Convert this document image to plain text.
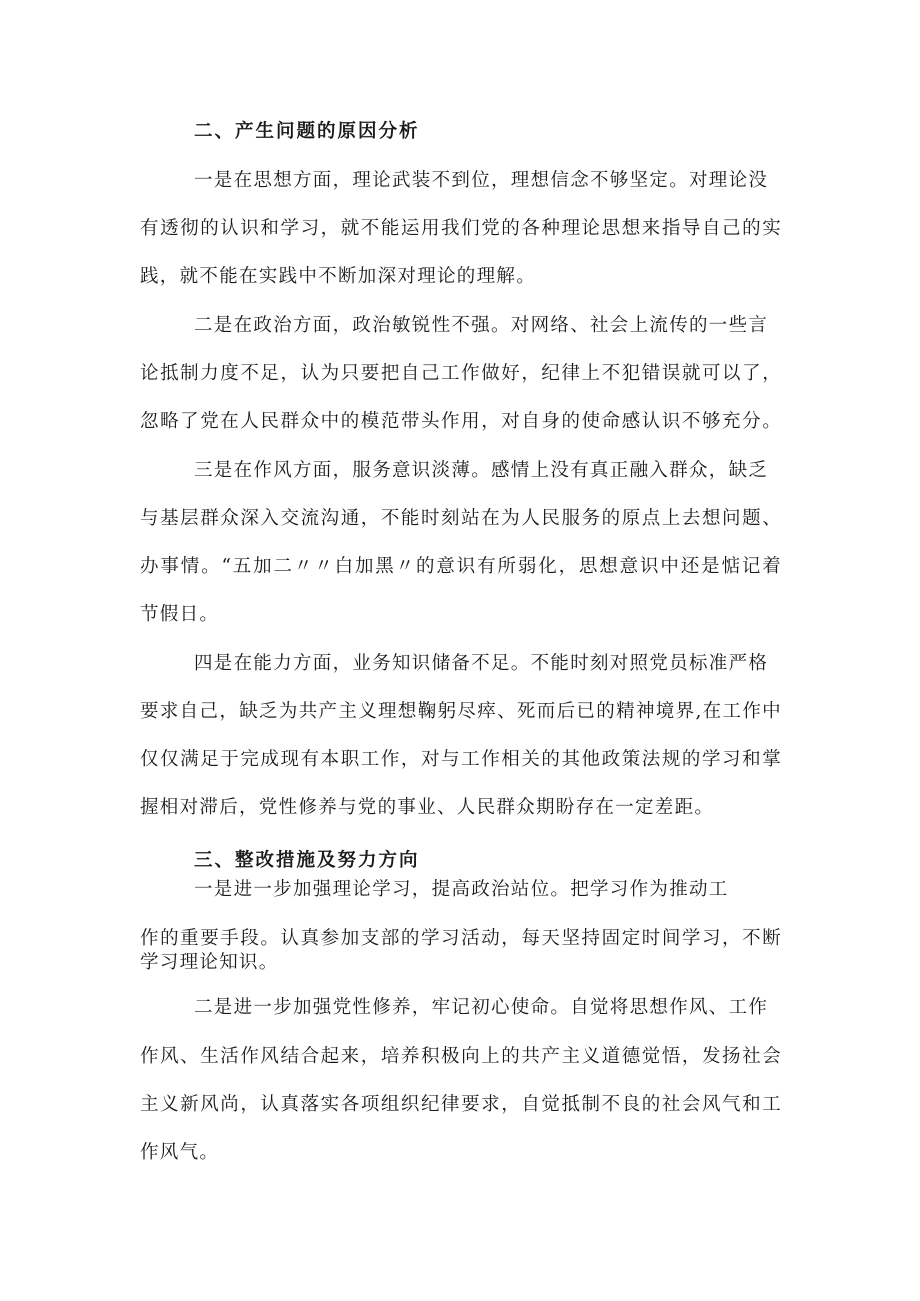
二、产生问题的原因分析
一是在思想方面，理论武装不到位，理想信念不够坚定。对理论没
有透彻的认识和学习，就不能运用我们党的各种理论思想来指导自己的实
践，就不能在实践中不断加深对理论的理解。
二是在政治方面，政治敏锐性不强。对网络、社会上流传的一些言
论抵制力度不足，认为只要把自己工作做好，纪律上不犯错误就可以了，
忽略了党在人民群众中的模范带头作用，对自身的使命感认识不够充分。
三是在作风方面，服务意识淡薄。感情上没有真正融入群众，缺乏
与基层群众深入交流沟通，不能时刻站在为人民服务的原点上去想问题、
办事情。“五加二〃〃白加黑〃的意识有所弱化，思想意识中还是惦记着
节假日。
四是在能力方面，业务知识储备不足。不能时刻对照党员标准严格
要求自己，缺乏为共产主义理想鞠躬尽瘁、死而后已的精神境界,在工作中
仅仅满足于完成现有本职工作，对与工作相关的其他政策法规的学习和掌
握相对滞后，党性修养与党的事业、人民群众期盼存在一定差距。
三、整改措施及努力方向
一是进一步加强理论学习，提高政治站位。把学习作为推动工
作的重要手段。认真参加支部的学习活动，每天坚持固定时间学习，不断
学习理论知识。
二是进一步加强党性修养，牢记初心使命。自觉将思想作风、工作
作风、生活作风结合起来，培养积极向上的共产主义道德觉悟，发扬社会
主义新风尚，认真落实各项组织纪律要求，自觉抵制不良的社会风气和工
作风气。
